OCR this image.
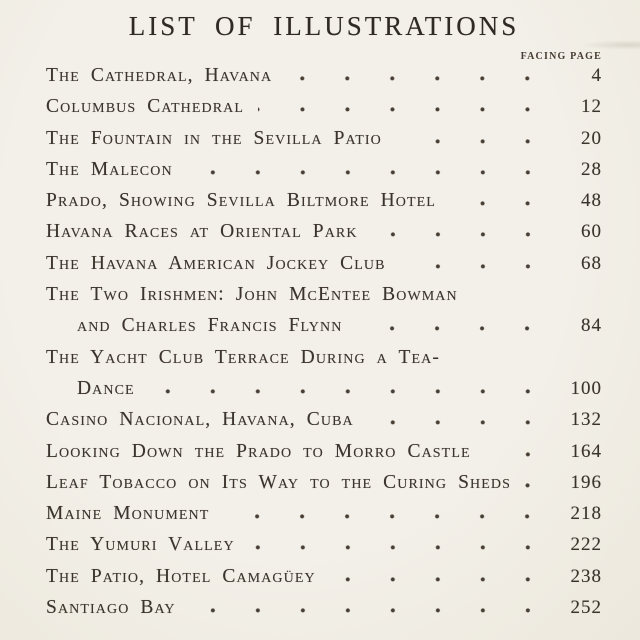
LIST OF ILLUSTRATIONS
FACING PAGE
The Cathedral, Havana	4
Columbus Cathedral	12
The Fountain in the Sevilla Patio	20
The Malecon	28
Prado, Showing Sevilla Biltmore Hotel	48
Havana Races at Oriental Park	60
The Havana American Jockey Club	68
The Two Irishmen: John McEntee Bowman
and Charles Francis Flynn	84
The Yacht Club Terrace During a Tea-
Dance	100
Casino Nacional, Havana, Cuba	132
Looking Down the Prado to Morro Castle	164
Leaf Tobacco on Its Way to the Curing Sheds	196
Maine Monument	218
The Yumuri Valley	222
The Patio, Hotel Camagüey	238
Santiago Bay	252
